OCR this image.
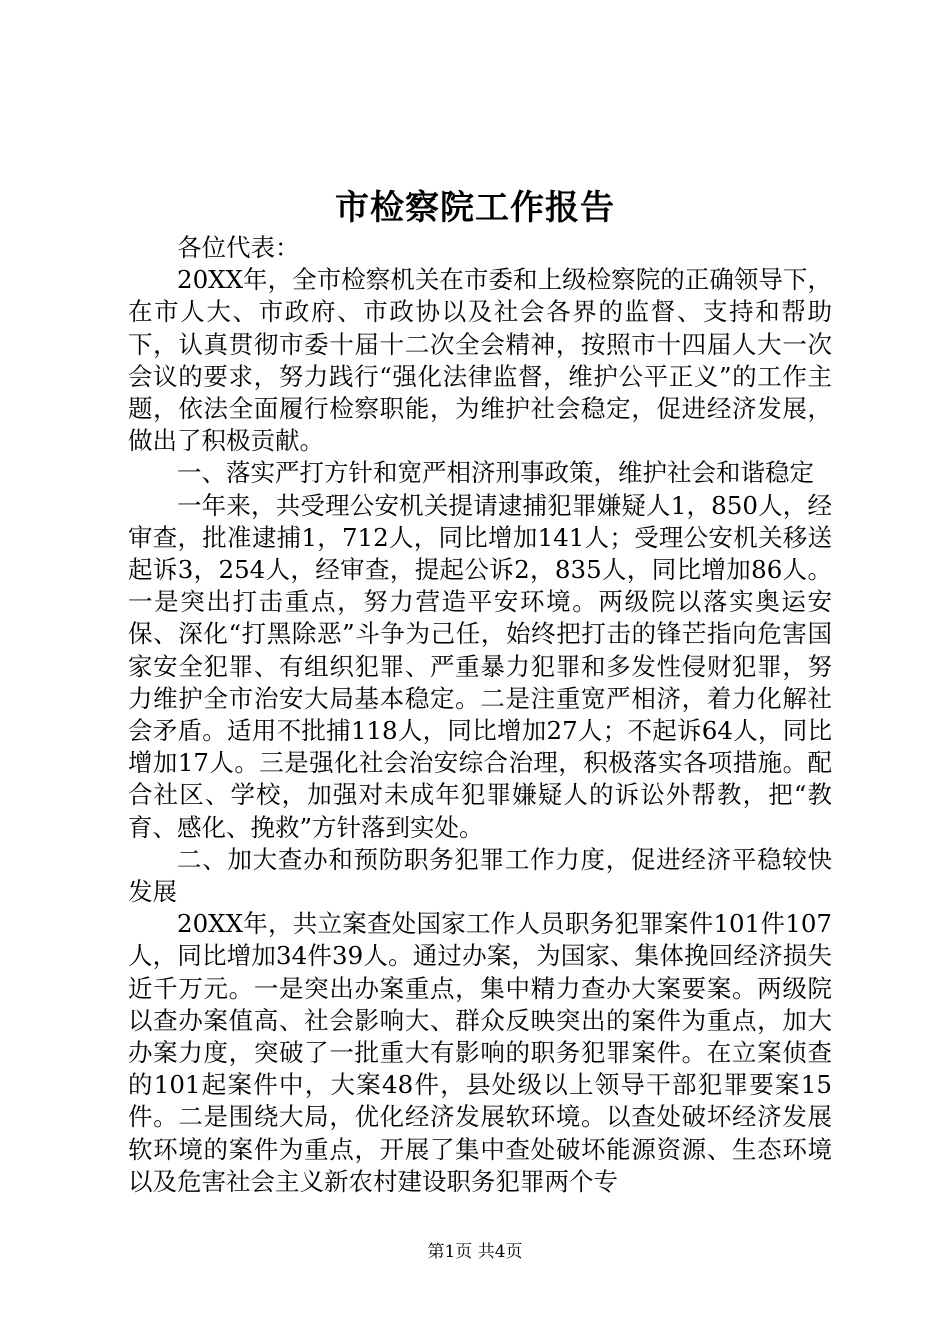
市检察院工作报告

各位代表：

20XX年，全市检察机关在市委和上级检察院的正确领导下，在市人大、市政府、市政协以及社会各界的监督、支持和帮助下，认真贯彻市委十届十二次全会精神，按照市十四届人大一次会议的要求，努力践行“强化法律监督，维护公平正义”的工作主题，依法全面履行检察职能，为维护社会稳定，促进经济发展，做出了积极贡献。

一、落实严打方针和宽严相济刑事政策，维护社会和谐稳定

一年来，共受理公安机关提请逮捕犯罪嫌疑人1，850人，经审查，批准逮捕1，712人，同比增加141人；受理公安机关移送起诉3，254人，经审查，提起公诉2，835人，同比增加86人。一是突出打击重点，努力营造平安环境。两级院以落实奥运安保、深化“打黑除恶”斗争为己任，始终把打击的锋芒指向危害国家安全犯罪、有组织犯罪、严重暴力犯罪和多发性侵财犯罪，努力维护全市治安大局基本稳定。二是注重宽严相济，着力化解社会矛盾。适用不批捕118人，同比增加27人；不起诉64人，同比增加17人。三是强化社会治安综合治理，积极落实各项措施。配合社区、学校，加强对未成年犯罪嫌疑人的诉讼外帮教，把“教育、感化、挽救”方针落到实处。

二、加大查办和预防职务犯罪工作力度，促进经济平稳较快发展

20XX年，共立案查处国家工作人员职务犯罪案件101件107人，同比增加34件39人。通过办案，为国家、集体挽回经济损失近千万元。一是突出办案重点，集中精力查办大案要案。两级院以查办案值高、社会影响大、群众反映突出的案件为重点，加大办案力度，突破了一批重大有影响的职务犯罪案件。在立案侦查的101起案件中，大案48件，县处级以上领导干部犯罪要案15件。二是围绕大局，优化经济发展软环境。以查处破坏经济发展软环境的案件为重点，开展了集中查处破坏能源资源、生态环境以及危害社会主义新农村建设职务犯罪两个专

第1页 共4页
